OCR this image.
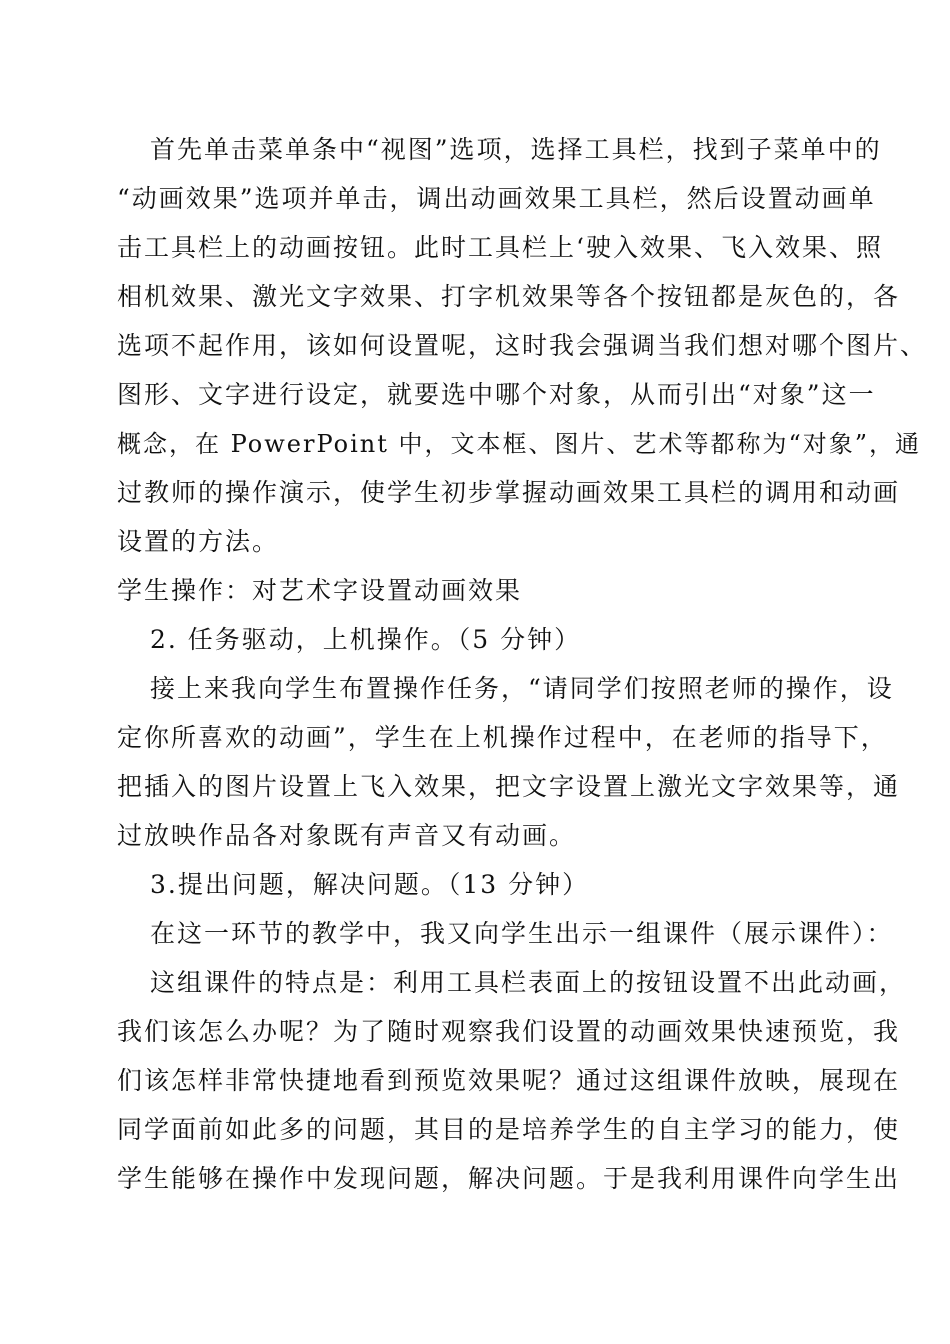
首先单击菜单条中“视图”选项，选择工具栏，找到子菜单中的
“动画效果”选项并单击，调出动画效果工具栏，然后设置动画单
击工具栏上的动画按钮。此时工具栏上‘驶入效果、飞入效果、照
相机效果、激光文字效果、打字机效果等各个按钮都是灰色的，各
选项不起作用，该如何设置呢，这时我会强调当我们想对哪个图片、
图形、文字进行设定，就要选中哪个对象，从而引出“对象”这一
概念，在 PowerPoint 中，文本框、图片、艺术等都称为“对象”，通
过教师的操作演示，使学生初步掌握动画效果工具栏的调用和动画
设置的方法。
学生操作：对艺术字设置动画效果
2. 任务驱动，上机操作。（5 分钟）
接上来我向学生布置操作任务，“请同学们按照老师的操作，设
定你所喜欢的动画”，学生在上机操作过程中，在老师的指导下，
把插入的图片设置上飞入效果，把文字设置上激光文字效果等，通
过放映作品各对象既有声音又有动画。
3.提出问题，解决问题。（13 分钟）
在这一环节的教学中，我又向学生出示一组课件（展示课件）：
这组课件的特点是：利用工具栏表面上的按钮设置不出此动画，
我们该怎么办呢？为了随时观察我们设置的动画效果快速预览，我
们该怎样非常快捷地看到预览效果呢？通过这组课件放映，展现在
同学面前如此多的问题，其目的是培养学生的自主学习的能力，使
学生能够在操作中发现问题，解决问题。于是我利用课件向学生出
